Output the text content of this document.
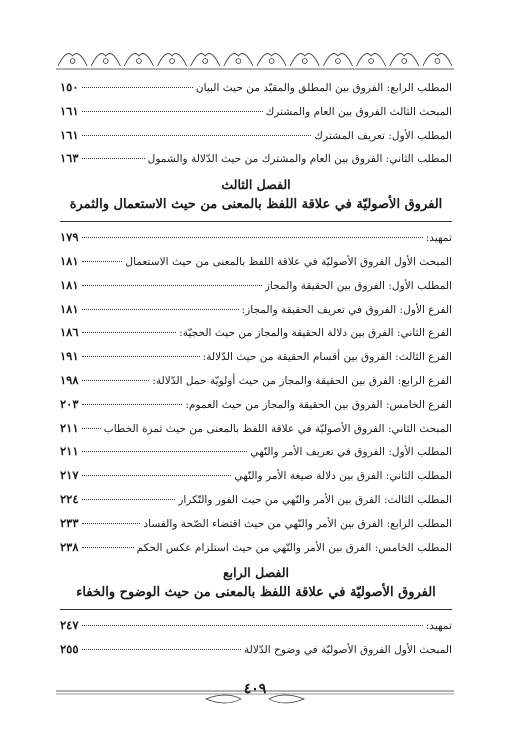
المطلب الرابع: الفروق بين المطلق والمقيّد من حيث البيان
١٥٠
المبحث الثالث الفروق بين العام والمشترك
١٦١
المطلب الأول: تعريف المشترك
١٦١
المطلب الثاني: الفروق بين العام والمشترك من حيث الدّلالة والشمول
١٦٣
الفصل الثالث
الفروق الأصوليّة في علاقة اللفظ بالمعنى من حيث الاستعمال والثمرة
تمهيد:
١٧٩
المبحث الأول الفروق الأصوليّة في علاقة اللفظ بالمعنى من حيث الاستعمال
١٨١
المطلب الأول: الفروق بين الحقيقة والمجاز
١٨١
الفرع الأول: الفروق في تعريف الحقيقة والمجاز:
١٨١
الفرع الثاني: الفرق بين دلالة الحقيقة والمجاز من حيث الحجيّة:
١٨٦
الفرع الثالث: الفروق بين أقسام الحقيقة من حيث الدّلالة:
١٩١
الفرع الرابع: الفرق بين الحقيقة والمجاز من حيث أولويّة حمل الدّلالة:
١٩٨
الفرع الخامس: الفروق بين الحقيقة والمجاز من حيث العموم:
٢٠٣
المبحث الثاني: الفروق الأصوليّة في علاقة اللفظ بالمعنى من حيث ثمرة الخطاب
٢١١
المطلب الأول: الفروق في تعريف الأمر والنّهي
٢١١
المطلب الثاني: الفرق بين دلالة صيغة الأمر والنّهي
٢١٧
المطلب الثالث: الفرق بين الأمر والنّهي من حيث الفور والتّكرار
٢٢٤
المطلب الرابع: الفرق بين الأمر والنّهي من حيث اقتضاء الصّحة والفساد
٢٣٣
المطلب الخامس: الفرق بين الأمر والنّهي من حيث استلزام عكس الحكم
٢٣٨
الفصل الرابع
الفروق الأصوليّة في علاقة اللفظ بالمعنى من حيث الوضوح والخفاء
تمهيد:
٢٤٧
المبحث الأول الفروق الأصوليّة في وضوح الدّلالة
٢٥٥
٤٠٩
